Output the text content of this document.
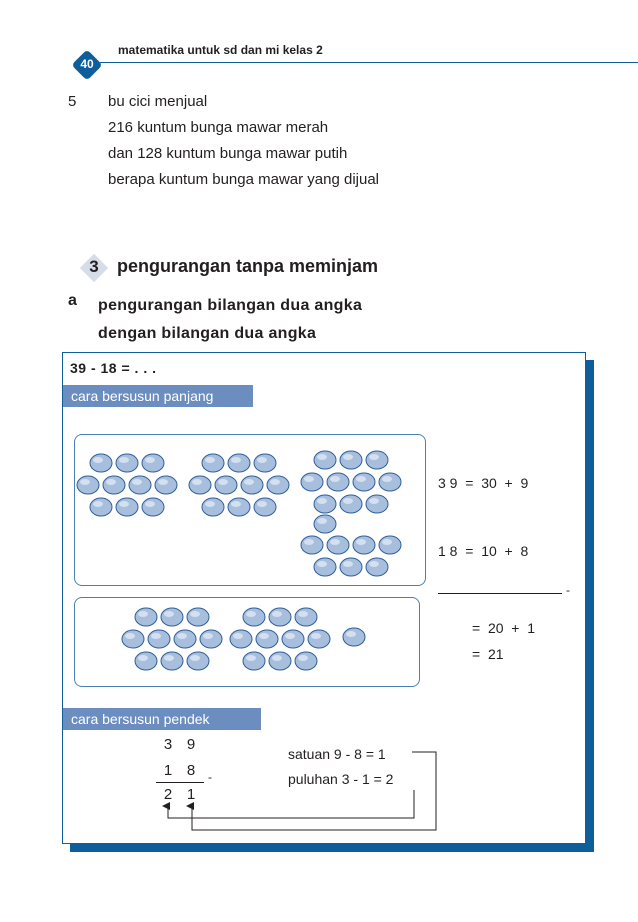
40
matematika untuk sd dan mi kelas 2
5 bu cici menjual
216 kuntum bunga mawar merah
dan 128 kuntum bunga mawar putih
berapa kuntum bunga mawar yang dijual
3	pengurangan tanpa meminjam
a pengurangan bilangan dua angka
dengan bilangan dua angka
39 - 18 = . . .
cara bersusun panjang
3 9  =  30  +  9
1 8  =  10  +  8
-
=  20  +  1
=  21
cara bersusun pendek
3 9
1 8 -
2 1
satuan 9 - 8 = 1
puluhan 3 - 1 = 2
